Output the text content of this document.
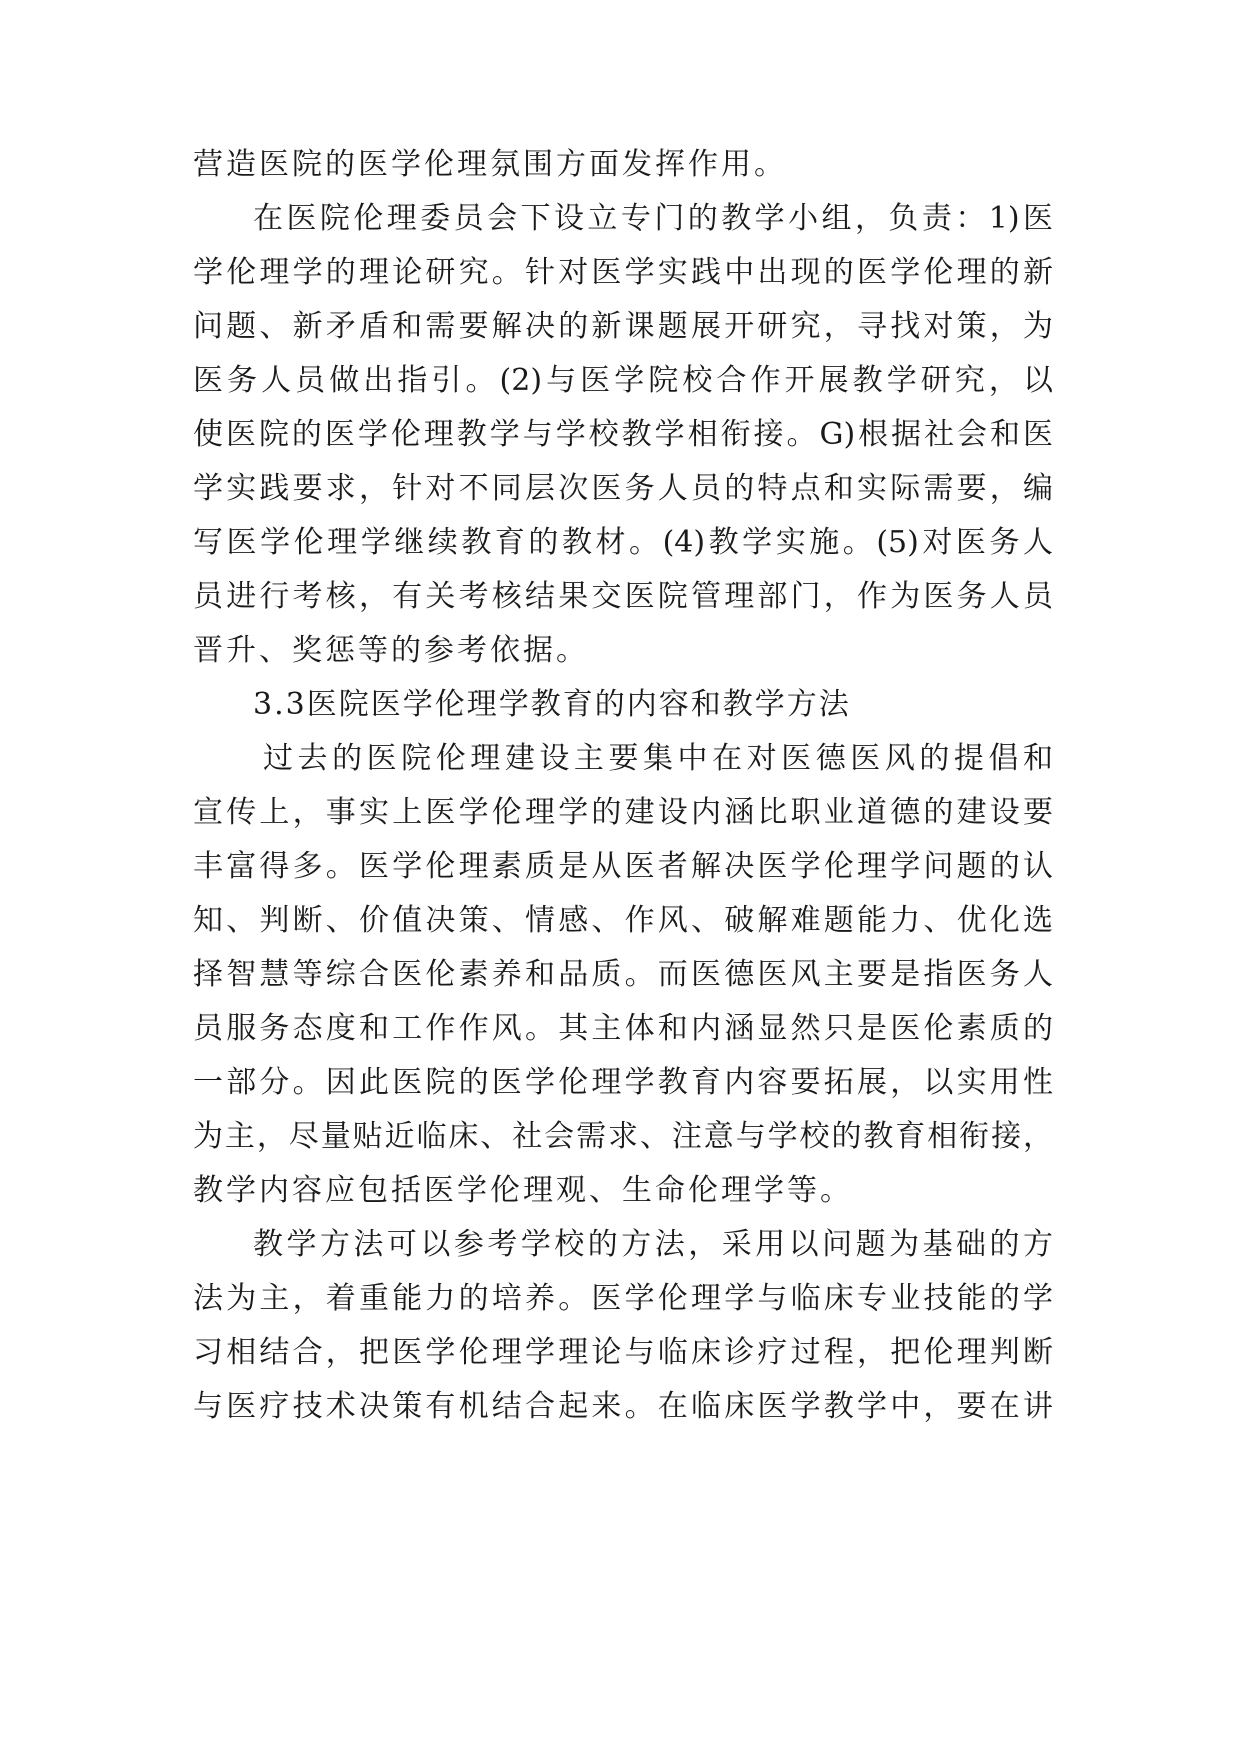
营造医院的医学伦理氛围方面发挥作用。
在医院伦理委员会下设立专门的教学小组，负责：1)医
学伦理学的理论研究。针对医学实践中出现的医学伦理的新
问题、新矛盾和需要解决的新课题展开研究，寻找对策，为
医务人员做出指引。(2)与医学院校合作开展教学研究，以
使医院的医学伦理教学与学校教学相衔接。G)根据社会和医
学实践要求，针对不同层次医务人员的特点和实际需要，编
写医学伦理学继续教育的教材。(4)教学实施。(5)对医务人
员进行考核，有关考核结果交医院管理部门，作为医务人员
晋升、奖惩等的参考依据。
3.3医院医学伦理学教育的内容和教学方法
过去的医院伦理建设主要集中在对医德医风的提倡和
宣传上，事实上医学伦理学的建设内涵比职业道德的建设要
丰富得多。医学伦理素质是从医者解决医学伦理学问题的认
知、判断、价值决策、情感、作风、破解难题能力、优化选
择智慧等综合医伦素养和品质。而医德医风主要是指医务人
员服务态度和工作作风。其主体和内涵显然只是医伦素质的
一部分。因此医院的医学伦理学教育内容要拓展，以实用性
为主，尽量贴近临床、社会需求、注意与学校的教育相衔接，
教学内容应包括医学伦理观、生命伦理学等。
教学方法可以参考学校的方法，采用以问题为基础的方
法为主，着重能力的培养。医学伦理学与临床专业技能的学
习相结合，把医学伦理学理论与临床诊疗过程，把伦理判断
与医疗技术决策有机结合起来。在临床医学教学中，要在讲
